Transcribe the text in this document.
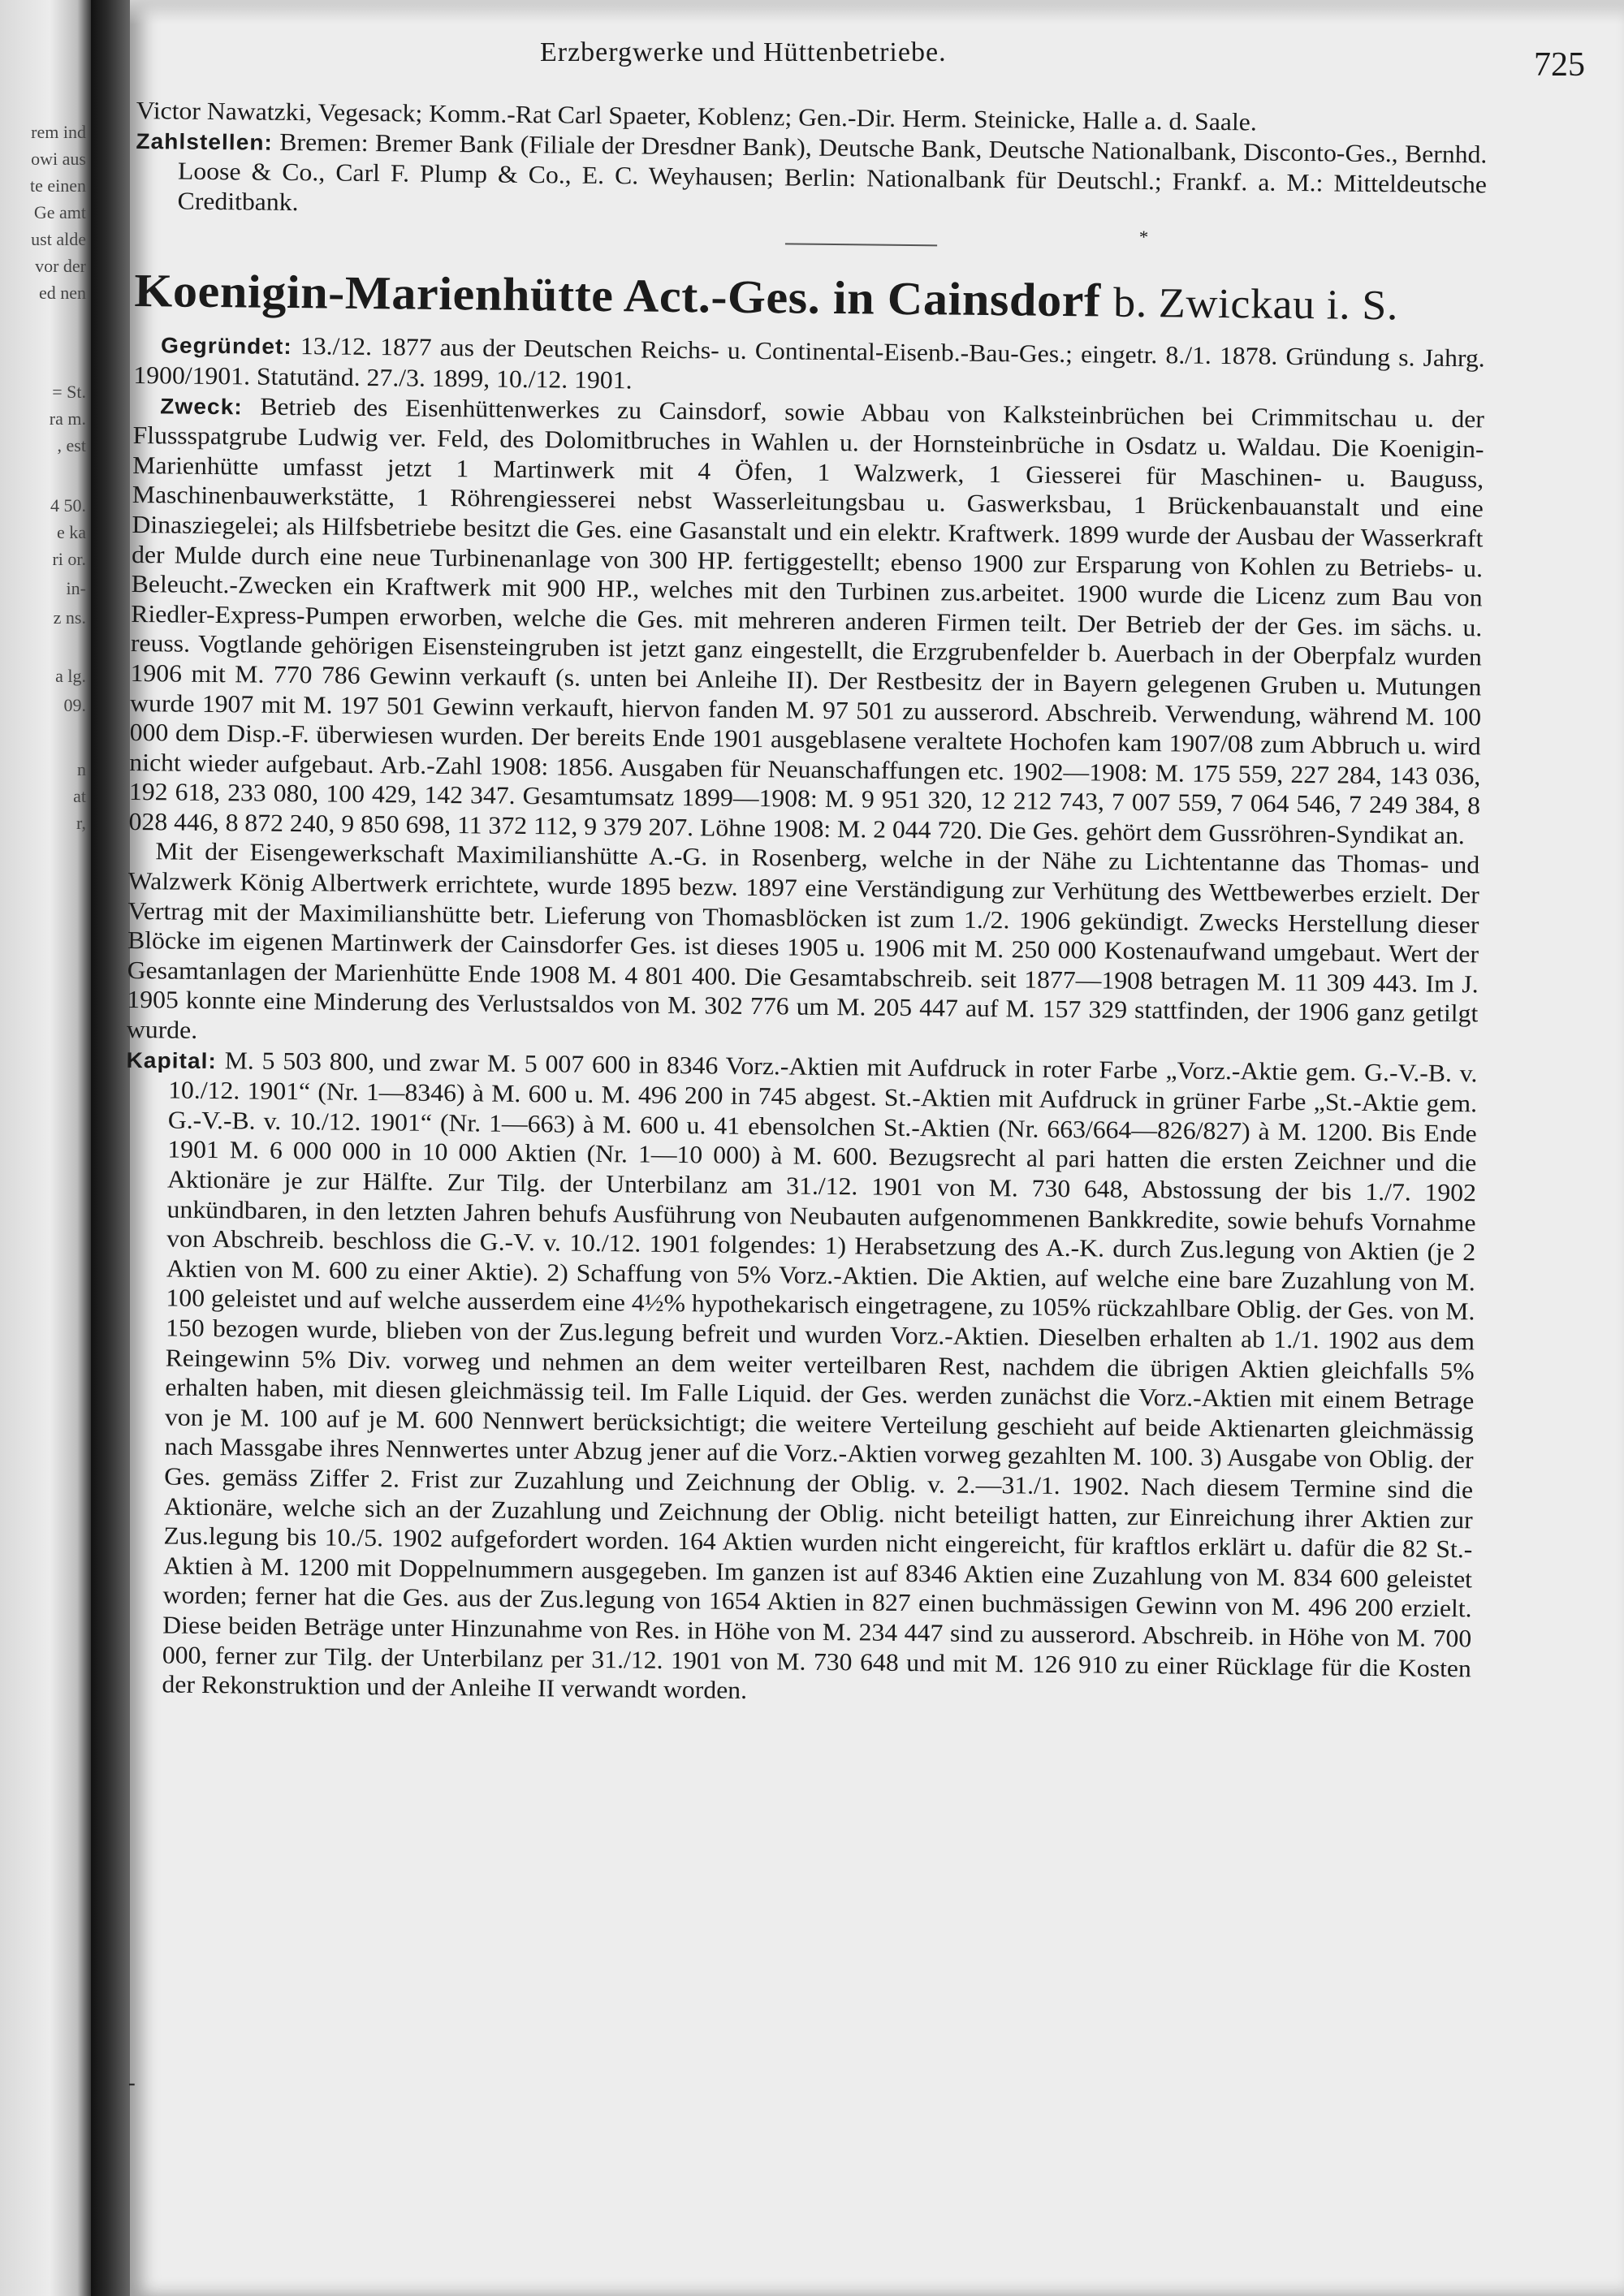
rem ind
owi aus
te einen
Ge amt
ust alde
vor der
ed nen
= St.
ra m.
, est
4 50.
e ka
ri or.
in-
z ns.
a lg.
09.
n
at
r,
Erzbergwerke und Hüttenbetriebe.	725
-

Victor Nawatzki, Vegesack; Komm.-Rat Carl Spaeter, Koblenz; Gen.-Dir. Herm. Steinicke, Halle a. d. Saale.

Zahlstellen: Bremen: Bremer Bank (Filiale der Dresdner Bank), Deutsche Bank, Deutsche Nationalbank, Disconto-Ges., Bernhd. Loose & Co., Carl F. Plump & Co., E. C. Weyhausen; Berlin: Nationalbank für Deutschl.; Frankf. a. M.: Mitteldeutsche Creditbank.

*
Koenigin-Marienhütte Act.-Ges. in Cainsdorf b. Zwickau i. S.

Gegründet: 13./12. 1877 aus der Deutschen Reichs- u. Continental-Eisenb.-Bau-Ges.; eingetr. 8./1. 1878. Gründung s. Jahrg. 1900/1901. Statutänd. 27./3. 1899, 10./12. 1901.

Zweck: Betrieb des Eisenhüttenwerkes zu Cainsdorf, sowie Abbau von Kalksteinbrüchen bei Crimmitschau u. der Flussspatgrube Ludwig ver. Feld, des Dolomitbruches in Wahlen u. der Hornsteinbrüche in Osdatz u. Waldau. Die Koenigin-Marienhütte umfasst jetzt 1 Martinwerk mit 4 Öfen, 1 Walzwerk, 1 Giesserei für Maschinen- u. Bauguss, Maschinenbauwerkstätte, 1 Röhrengiesserei nebst Wasserleitungsbau u. Gaswerksbau, 1 Brückenbauanstalt und eine Dinasziegelei; als Hilfsbetriebe besitzt die Ges. eine Gasanstalt und ein elektr. Kraftwerk. 1899 wurde der Ausbau der Wasserkraft der Mulde durch eine neue Turbinenanlage von 300 HP. fertiggestellt; ebenso 1900 zur Ersparung von Kohlen zu Betriebs- u. Beleucht.-Zwecken ein Kraftwerk mit 900 HP., welches mit den Turbinen zus.arbeitet. 1900 wurde die Licenz zum Bau von Riedler-Express-Pumpen erworben, welche die Ges. mit mehreren anderen Firmen teilt. Der Betrieb der der Ges. im sächs. u. reuss. Vogtlande gehörigen Eisensteingruben ist jetzt ganz eingestellt, die Erzgrubenfelder b. Auerbach in der Oberpfalz wurden 1906 mit M. 770 786 Gewinn verkauft (s. unten bei Anleihe II). Der Restbesitz der in Bayern gelegenen Gruben u. Mutungen wurde 1907 mit M. 197 501 Gewinn verkauft, hiervon fanden M. 97 501 zu ausserord. Abschreib. Verwendung, während M. 100 000 dem Disp.-F. überwiesen wurden. Der bereits Ende 1901 ausgeblasene veraltete Hochofen kam 1907/08 zum Abbruch u. wird nicht wieder aufgebaut. Arb.-Zahl 1908: 1856. Ausgaben für Neuanschaffungen etc. 1902—1908: M. 175 559, 227 284, 143 036, 192 618, 233 080, 100 429, 142 347. Gesamtumsatz 1899—1908: M. 9 951 320, 12 212 743, 7 007 559, 7 064 546, 7 249 384, 8 028 446, 8 872 240, 9 850 698, 11 372 112, 9 379 207. Löhne 1908: M. 2 044 720. Die Ges. gehört dem Gussröhren-Syndikat an.

Mit der Eisengewerkschaft Maximilianshütte A.-G. in Rosenberg, welche in der Nähe zu Lichtentanne das Thomas- und Walzwerk König Albertwerk errichtete, wurde 1895 bezw. 1897 eine Verständigung zur Verhütung des Wettbewerbes erzielt. Der Vertrag mit der Maximilianshütte betr. Lieferung von Thomasblöcken ist zum 1./2. 1906 gekündigt. Zwecks Herstellung dieser Blöcke im eigenen Martinwerk der Cainsdorfer Ges. ist dieses 1905 u. 1906 mit M. 250 000 Kostenaufwand umgebaut. Wert der Gesamtanlagen der Marienhütte Ende 1908 M. 4 801 400. Die Gesamtabschreib. seit 1877—1908 betragen M. 11 309 443. Im J. 1905 konnte eine Minderung des Verlustsaldos von M. 302 776 um M. 205 447 auf M. 157 329 stattfinden, der 1906 ganz getilgt wurde.

Kapital: M. 5 503 800, und zwar M. 5 007 600 in 8346 Vorz.-Aktien mit Aufdruck in roter Farbe „Vorz.-Aktie gem. G.-V.-B. v. 10./12. 1901“ (Nr. 1—8346) à M. 600 u. M. 496 200 in 745 abgest. St.-Aktien mit Aufdruck in grüner Farbe „St.-Aktie gem. G.-V.-B. v. 10./12. 1901“ (Nr. 1—663) à M. 600 u. 41 ebensolchen St.-Aktien (Nr. 663/664—826/827) à M. 1200. Bis Ende 1901 M. 6 000 000 in 10 000 Aktien (Nr. 1—10 000) à M. 600. Bezugsrecht al pari hatten die ersten Zeichner und die Aktionäre je zur Hälfte. Zur Tilg. der Unterbilanz am 31./12. 1901 von M. 730 648, Abstossung der bis 1./7. 1902 unkündbaren, in den letzten Jahren behufs Ausführung von Neubauten aufgenommenen Bankkredite, sowie behufs Vornahme von Abschreib. beschloss die G.-V. v. 10./12. 1901 folgendes: 1) Herabsetzung des A.-K. durch Zus.legung von Aktien (je 2 Aktien von M. 600 zu einer Aktie). 2) Schaffung von 5% Vorz.-Aktien. Die Aktien, auf welche eine bare Zuzahlung von M. 100 geleistet und auf welche ausserdem eine 4½% hypothekarisch eingetragene, zu 105% rückzahlbare Oblig. der Ges. von M. 150 bezogen wurde, blieben von der Zus.legung befreit und wurden Vorz.-Aktien. Dieselben erhalten ab 1./1. 1902 aus dem Reingewinn 5% Div. vorweg und nehmen an dem weiter verteilbaren Rest, nachdem die übrigen Aktien gleichfalls 5% erhalten haben, mit diesen gleichmässig teil. Im Falle Liquid. der Ges. werden zunächst die Vorz.-Aktien mit einem Betrage von je M. 100 auf je M. 600 Nennwert berücksichtigt; die weitere Verteilung geschieht auf beide Aktienarten gleichmässig nach Massgabe ihres Nennwertes unter Abzug jener auf die Vorz.-Aktien vorweg gezahlten M. 100. 3) Ausgabe von Oblig. der Ges. gemäss Ziffer 2. Frist zur Zuzahlung und Zeichnung der Oblig. v. 2.—31./1. 1902. Nach diesem Termine sind die Aktionäre, welche sich an der Zuzahlung und Zeichnung der Oblig. nicht beteiligt hatten, zur Einreichung ihrer Aktien zur Zus.legung bis 10./5. 1902 aufgefordert worden. 164 Aktien wurden nicht eingereicht, für kraftlos erklärt u. dafür die 82 St.-Aktien à M. 1200 mit Doppelnummern ausgegeben. Im ganzen ist auf 8346 Aktien eine Zuzahlung von M. 834 600 geleistet worden; ferner hat die Ges. aus der Zus.legung von 1654 Aktien in 827 einen buchmässigen Gewinn von M. 496 200 erzielt. Diese beiden Beträge unter Hinzunahme von Res. in Höhe von M. 234 447 sind zu ausserord. Abschreib. in Höhe von M. 700 000, ferner zur Tilg. der Unterbilanz per 31./12. 1901 von M. 730 648 und mit M. 126 910 zu einer Rücklage für die Kosten der Rekonstruktion und der Anleihe II verwandt worden.
